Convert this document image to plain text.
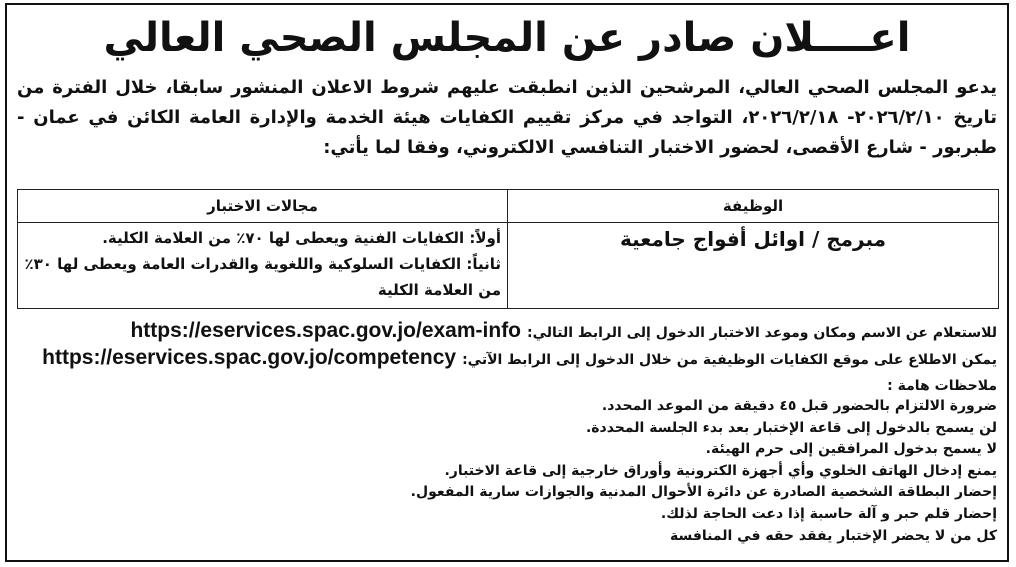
اعــــلان صادر عن المجلس الصحي العالي
يدعو المجلس الصحي العالي، المرشحين الذين انطبقت عليهم شروط الاعلان المنشور سابقا، خلال الفترة من تاريخ ٢٠٢٦/٢/١٠- ٢٠٢٦/٢/١٨، التواجد في مركز تقييم الكفايات هيئة الخدمة والإدارة العامة الكائن في عمان - طبربور - شارع الأقصى، لحضور الاختبار التنافسي الالكتروني، وفقا لما يأتي:
الوظيفة	مجالات الاختبار
مبرمج / اوائل أفواج جامعية	أولاً: الكفايات الفنية ويعطى لها ٧٠٪ من العلامة الكلية.
ثانياً: الكفايات السلوكية واللغوية والقدرات العامة ويعطى لها ٣٠٪
من العلامة الكلية
للاستعلام عن الاسم ومكان وموعد الاختبار الدخول إلى الرابط التالي:
https://eservices.spac.gov.jo/exam-info
يمكن الاطلاع على موقع الكفايات الوظيفية من خلال الدخول إلى الرابط الآتي:
https://eservices.spac.gov.jo/competency
ملاحظات هامة :
ضرورة الالتزام بالحضور قبل ٤٥ دقيقة من الموعد المحدد.
لن يسمح بالدخول إلى قاعة الإختبار بعد بدء الجلسة المحددة.
لا يسمح بدخول المرافقين إلى حرم الهيئة.
يمنع إدخال الهاتف الخلوي وأي أجهزة الكترونية وأوراق خارجية إلى قاعة الاختبار.
إحضار البطاقة الشخصية الصادرة عن دائرة الأحوال المدنية والجوازات سارية المفعول.
إحضار قلم حبر و آلة حاسبة إذا دعت الحاجة لذلك.
كل من لا يحضر الإختبار يفقد حقه في المنافسة
